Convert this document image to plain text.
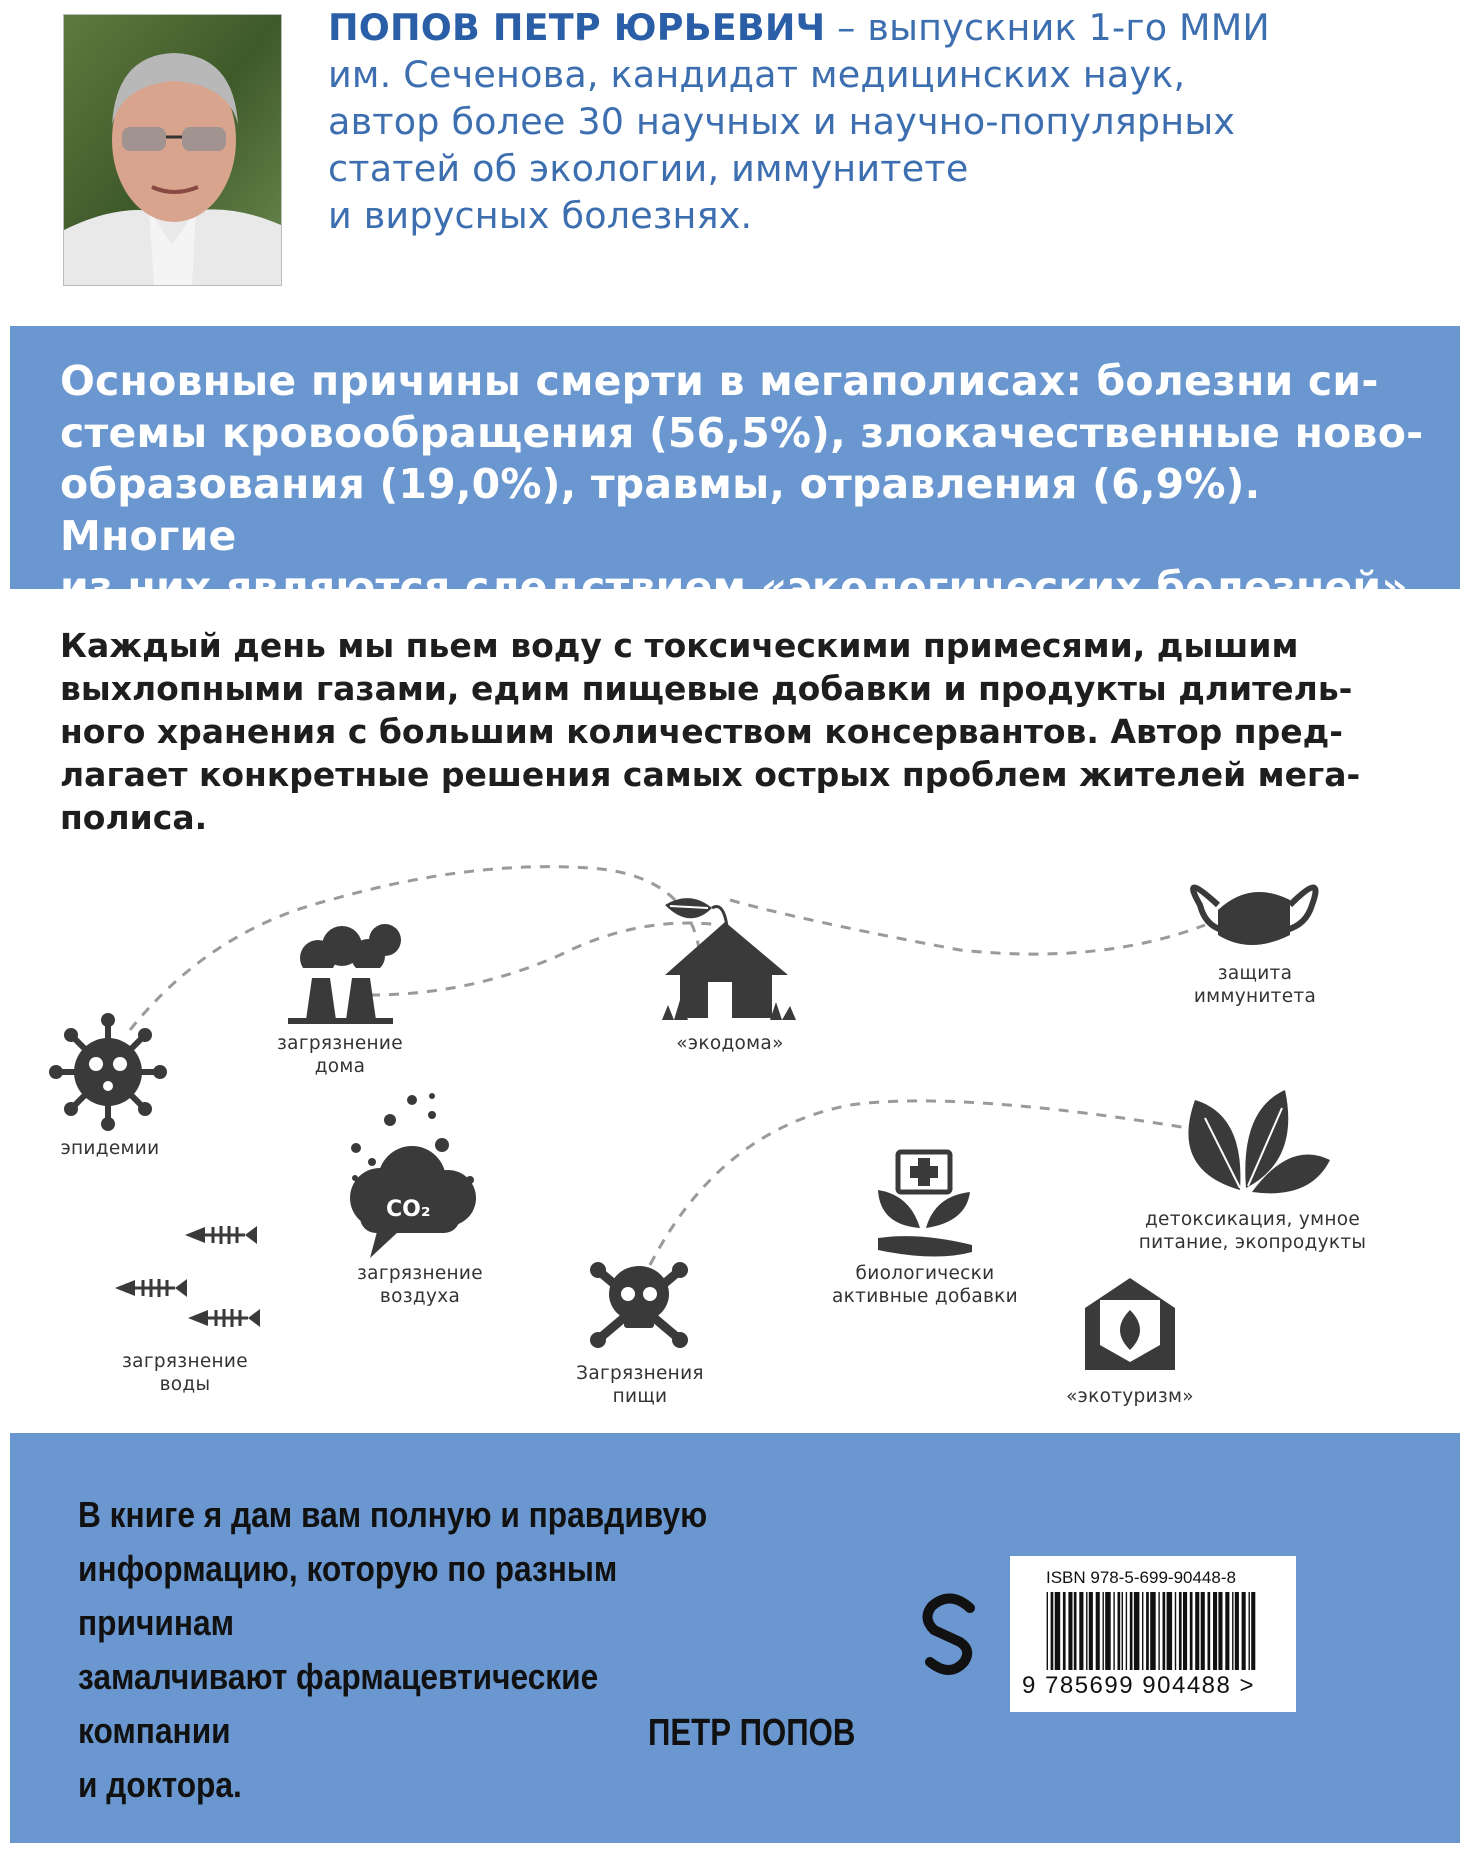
ПОПОВ ПЕТР ЮРЬЕВИЧ – выпускник 1-го ММИ
им. Сеченова, кандидат медицинских наук,
автор более 30 научных и научно-популярных
статей об экологии, иммунитете
и вирусных болезнях.
Основные причины смерти в мегаполисах: болезни си-
стемы кровообращения (56,5%), злокачественные ново-
образования (19,0%), травмы, отравления (6,9%). Многие
из них являются следствием «экологических болезней».
Каждый день мы пьем воду с токсическими примесями, дышим
выхлопными газами, едим пищевые добавки и продукты длитель-
ного хранения с большим количеством консервантов. Автор пред-
лагает конкретные решения самых острых проблем жителей мега-
полиса.
CO₂
эпидемии
загрязнение
дома
«экодома»
защита
иммунитета
загрязнение
воздуха
загрязнение
воды
Загрязнения
пищи
биологически
активные добавки
детоксикация, умное
питание, экопродукты
«экотуризм»
В книге я дам вам полную и правдивую
информацию, которую по разным причинам
замалчивают фармацевтические компании
и доктора.
ПЕТР ПОПОВ
ISBN 978-5-699-90448-8
9 785699 904488 >
